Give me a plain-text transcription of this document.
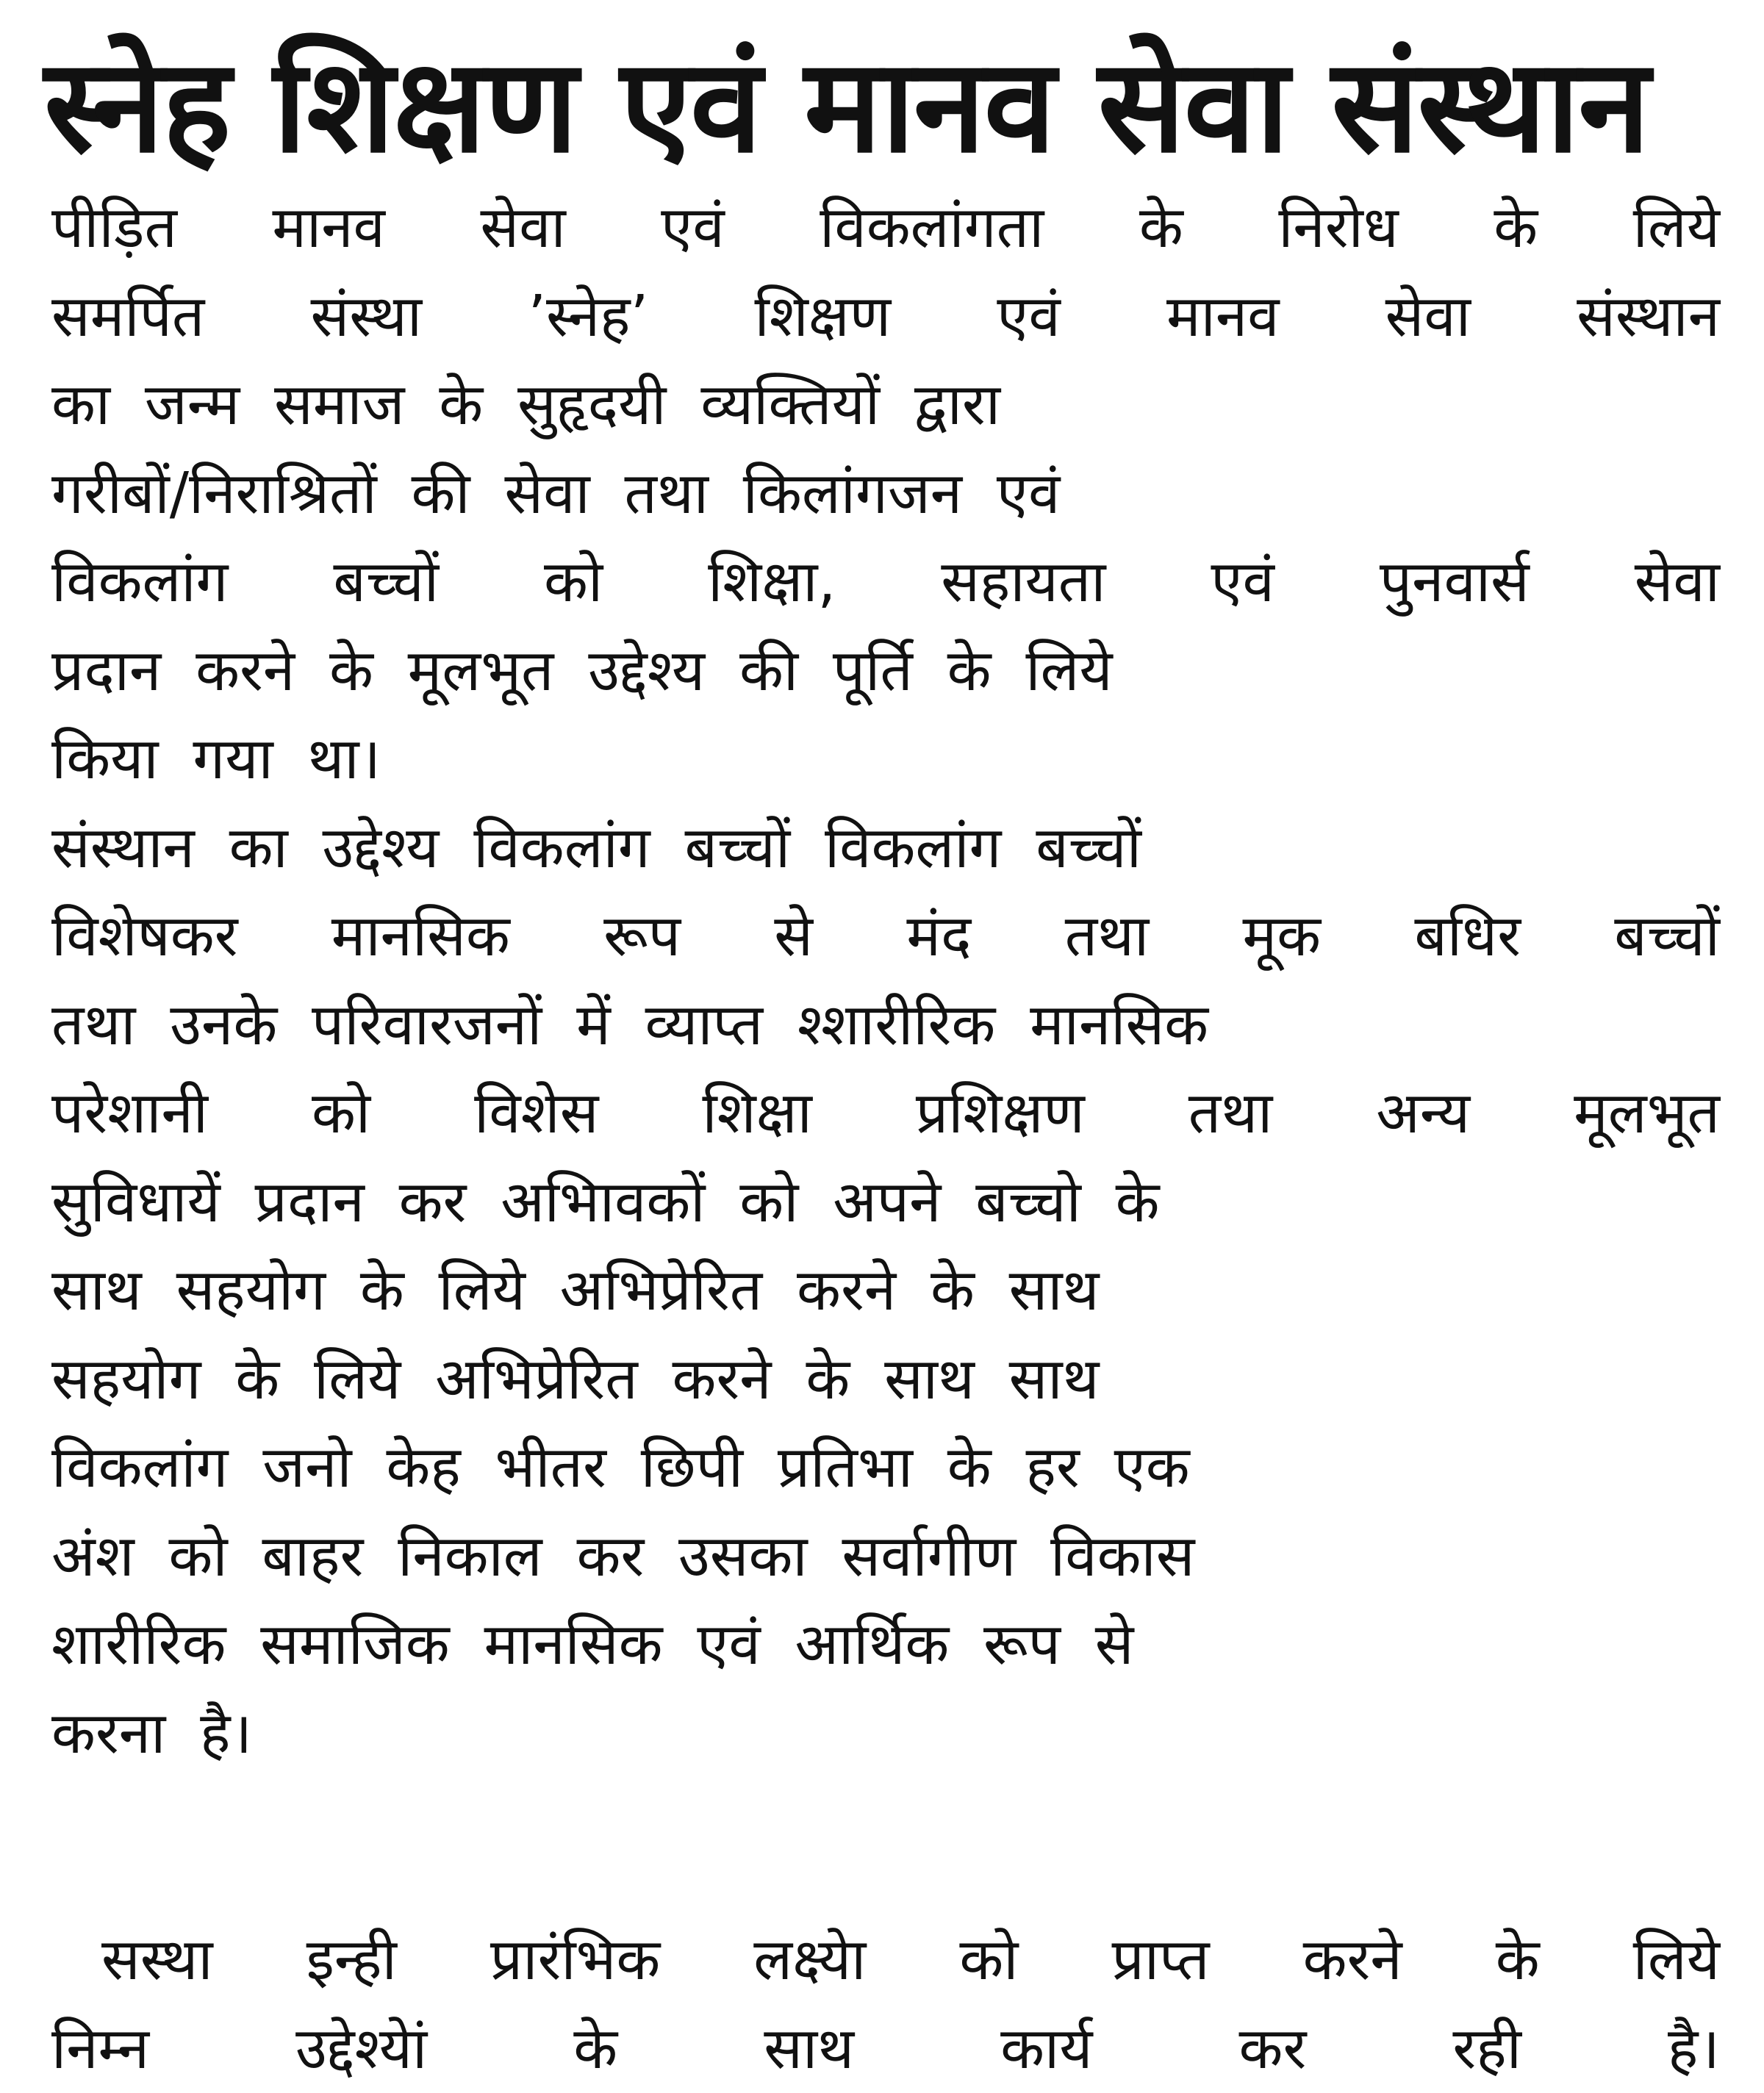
स्नेह शिक्षण एवं मानव सेवा संस्थान
पीड़ित मानव सेवा एवं विकलांगता के निरोध के लिये
समर्पित संस्था ’स्नेह’ शिक्षण एवं मानव सेवा संस्थान
का जन्म समाज के सुहृदयी व्यक्तियों द्वारा
गरीबों/निराश्रितों की सेवा तथा किलांगजन एवं
विकलांग बच्चों को शिक्षा, सहायता एवं पुनवार्स सेवा
प्रदान करने के मूलभूत उद्देश्य की पूर्ति के लिये
किया गया था।
संस्थान का उद्देश्य विकलांग बच्चों विकलांग बच्चों
विशेषकर मानसिक रूप से मंद तथा मूक बधिर बच्चों
तथा उनके परिवारजनों में व्याप्त श्शारीरिक मानसिक
परेशानी को विशेस शिक्षा प्रशिक्षण तथा अन्य मूलभूत
सुविधायें प्रदान कर अभिावकों को अपने बच्चो के
साथ सहयोग के लिये अभिप्रेरित करने के साथ
सहयोग के लिये अभिप्रेरित करने के साथ साथ
विकलांग जनो केह भीतर छिपी प्रतिभा के हर एक
अंश को बाहर निकाल कर उसका सर्वागीण विकास
शारीरिक समाजिक मानसिक एवं आर्थिक रूप से
करना है।
सस्था इन्ही प्रारंभिक लक्ष्येा को प्राप्त करने के लिये
निम्न उद्देश्येां के साथ कार्य कर रही है।
